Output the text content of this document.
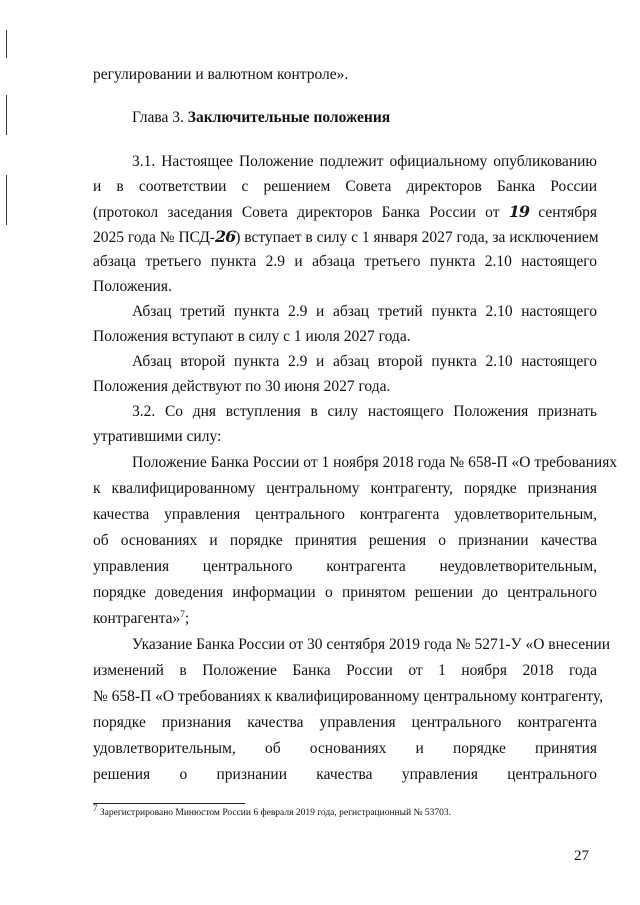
регулировании и валютном контроле».
Глава 3. Заключительные положения
3.1. Настоящее Положение подлежит официальному опубликованию
и в соответствии с решением Совета директоров Банка России
(протокол заседания Совета директоров Банка России от 19 сентября
2025 года № ПСД-26) вступает в силу с 1 января 2027 года, за исключением
абзаца третьего пункта 2.9 и абзаца третьего пункта 2.10 настоящего
Положения.
Абзац третий пункта 2.9 и абзац третий пункта 2.10 настоящего
Положения вступают в силу с 1 июля 2027 года.
Абзац второй пункта 2.9 и абзац второй пункта 2.10 настоящего
Положения действуют по 30 июня 2027 года.
3.2. Со дня вступления в силу настоящего Положения признать
утратившими силу:
Положение Банка России от 1 ноября 2018 года № 658-П «О требованиях
к квалифицированному центральному контрагенту, порядке признания
качества управления центрального контрагента удовлетворительным,
об основаниях и порядке принятия решения о признании качества
управления центрального контрагента неудовлетворительным,
порядке доведения информации о принятом решении до центрального
контрагента»$^7$;
Указание Банка России от 30 сентября 2019 года № 5271-У «О внесении
изменений в Положение Банка России от 1 ноября 2018 года
№ 658-П «О требованиях к квалифицированному центральному контрагенту,
порядке признания качества управления центрального контрагента
удовлетворительным, об основаниях и порядке принятия
решения о признании качества управления центрального
$^7$ Зарегистрировано Минюстом России 6 февраля 2019 года, регистрационный № 53703.
27
